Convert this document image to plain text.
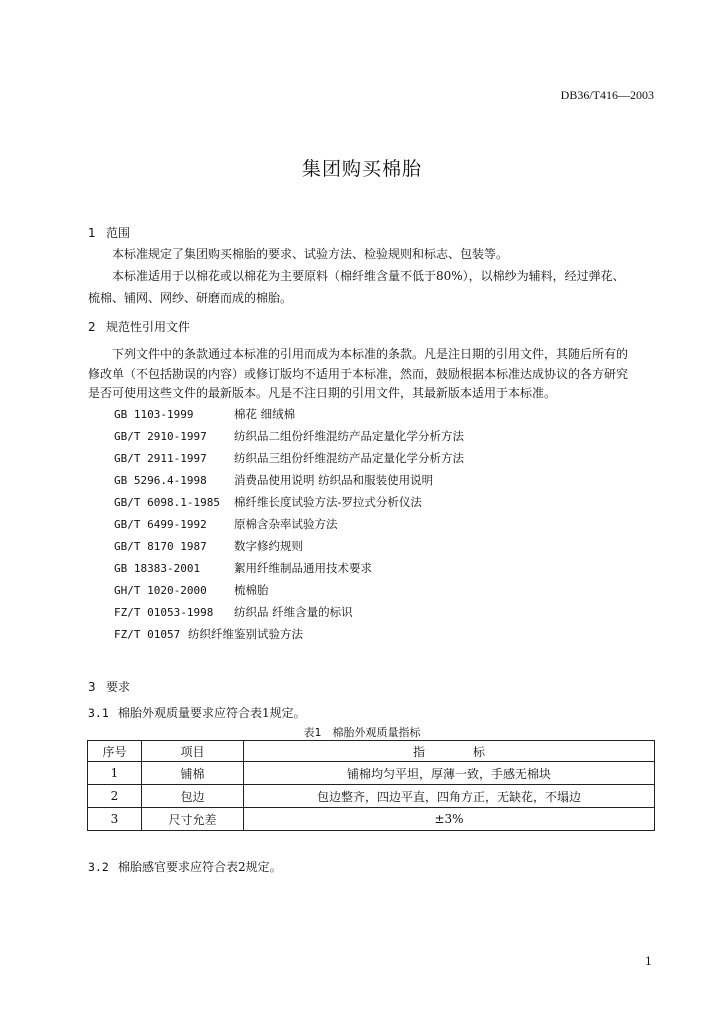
DB36/T416—2003
集团购买棉胎
1 范围
本标准规定了集团购买棉胎的要求、试验方法、检验规则和标志、包装等。
本标准适用于以棉花或以棉花为主要原料（棉纤维含量不低于80%），以棉纱为辅料，经过弹花、
梳棉、铺网、网纱、研磨而成的棉胎。
2 规范性引用文件
下列文件中的条款通过本标准的引用而成为本标准的条款。凡是注日期的引用文件，其随后所有的
修改单（不包括勘误的内容）或修订版均不适用于本标准，然而，鼓励根据本标准达成协议的各方研究
是否可使用这些文件的最新版本。凡是不注日期的引用文件，其最新版本适用于本标准。
GB 1103-1999	棉花 细绒棉
GB/T 2910-1997 纺织品二组份纤维混纺产品定量化学分析方法
GB/T 2911-1997 纺织品三组份纤维混纺产品定量化学分析方法
GB 5296.4-1998 消费品使用说明 纺织品和服装使用说明
GB/T 6098.1-1985 棉纤维长度试验方法-罗拉式分析仪法
GB/T 6499-1992 原棉含杂率试验方法
GB/T 8170 1987 数字修约规则
GB 18383-2001	絮用纤维制品通用技术要求
GH/T 1020-2000 梳棉胎
FZ/T 01053-1998 纺织品 纤维含量的标识
FZ/T 01057 纺织纤维鉴别试验方法
3 要求
3.1 棉胎外观质量要求应符合表1规定。
表1　棉胎外观质量指标
序号	项目	指　　　　标
1	铺棉	铺棉均匀平坦，厚薄一致，手感无棉块
2	包边	包边整齐，四边平直，四角方正，无缺花，不塌边
3	尺寸允差	±3%
3.2 棉胎感官要求应符合表2规定。
1
